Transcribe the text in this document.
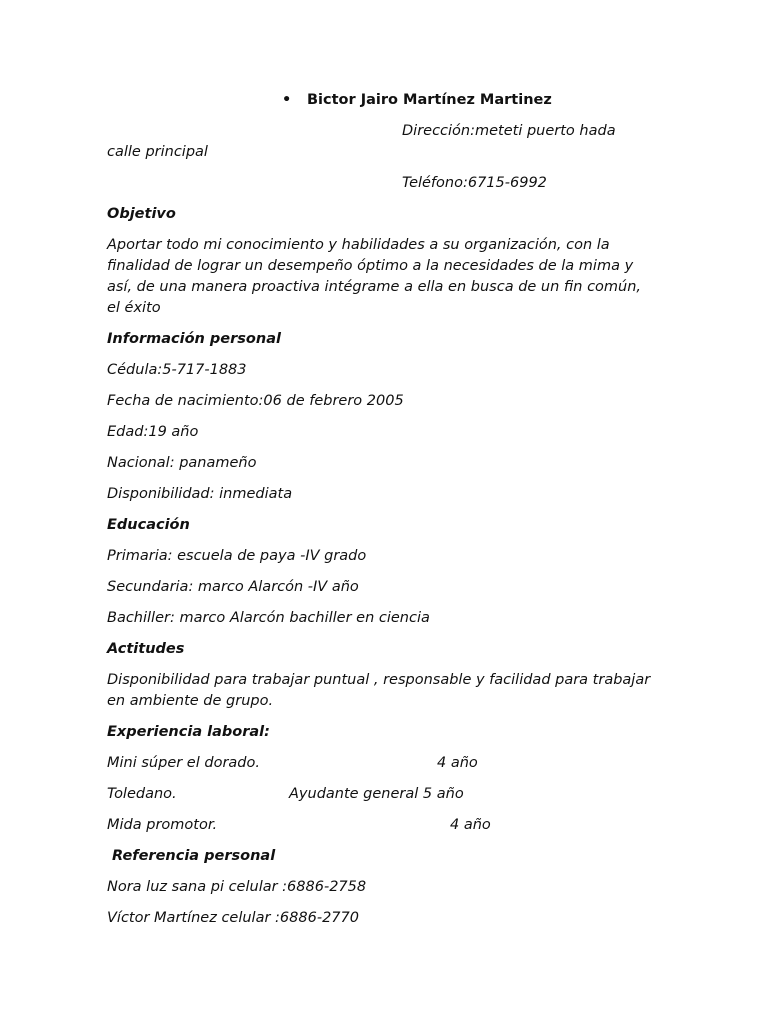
• Bictor Jairo Martínez Martinez
Dirección:meteti puerto hada
calle principal
Teléfono:6715-6992
Objetivo
Aportar todo mi conocimiento y habilidades a su organización, con la finalidad de lograr un desempeño óptimo a la necesidades de la mima y así, de una manera proactiva intégrame a ella en busca de un fin común, el éxito
Información personal
Cédula:5-717-1883
Fecha de nacimiento:06 de febrero 2005
Edad:19 año
Nacional: panameño
Disponibilidad: inmediata
Educación
Primaria: escuela de paya -IV grado
Secundaria: marco Alarcón -IV año
Bachiller: marco Alarcón bachiller en ciencia
Actitudes
Disponibilidad para trabajar puntual , responsable y facilidad para trabajar en ambiente de grupo.
Experiencia laboral:
Mini súper el dorado.	4 año
Toledano.	Ayudante general 5 año
Mida promotor.	4 año
Referencia personal
Nora luz sana pi celular :6886-2758
Víctor Martínez celular :6886-2770
